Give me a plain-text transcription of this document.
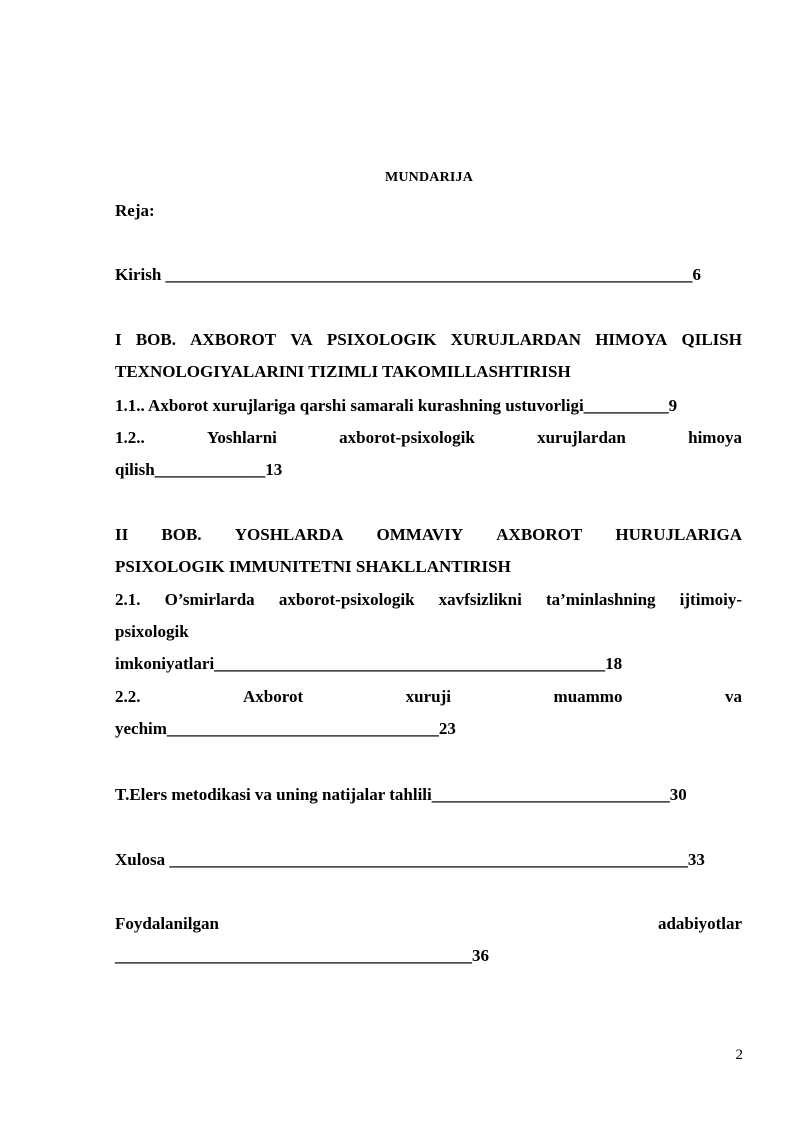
MUNDARIJA
Reja:
Kirish ______________________________________________________________6
I BOB. AXBOROT VA PSIXOLOGIK XURUJLARDAN HIMOYA QILISH
TEXNOLOGIYALARINI TIZIMLI TAKOMILLASHTIRISH
1.1.. Axborot xurujlariga qarshi samarali kurashning ustuvorligi__________9
1.2..	Yoshlarni	axborot-psixologik	xurujlardan	himoya
qilish_____________13
II BOB. YOSHLARDA OMMAVIY AXBOROT HURUJLARIGA
PSIXOLOGIK IMMUNITETNI SHAKLLANTIRISH
2.1. O’smirlarda axborot-psixologik xavfsizlikni ta’minlashning ijtimoiy-
psixologik
imkoniyatlari______________________________________________18
2.2.	Axborot	xuruji	muammo	va
yechim________________________________23
T.Elers metodikasi va uning natijalar tahlili____________________________30
Xulosa _____________________________________________________________33
Foydalanilgan	adabiyotlar
__________________________________________36
2
